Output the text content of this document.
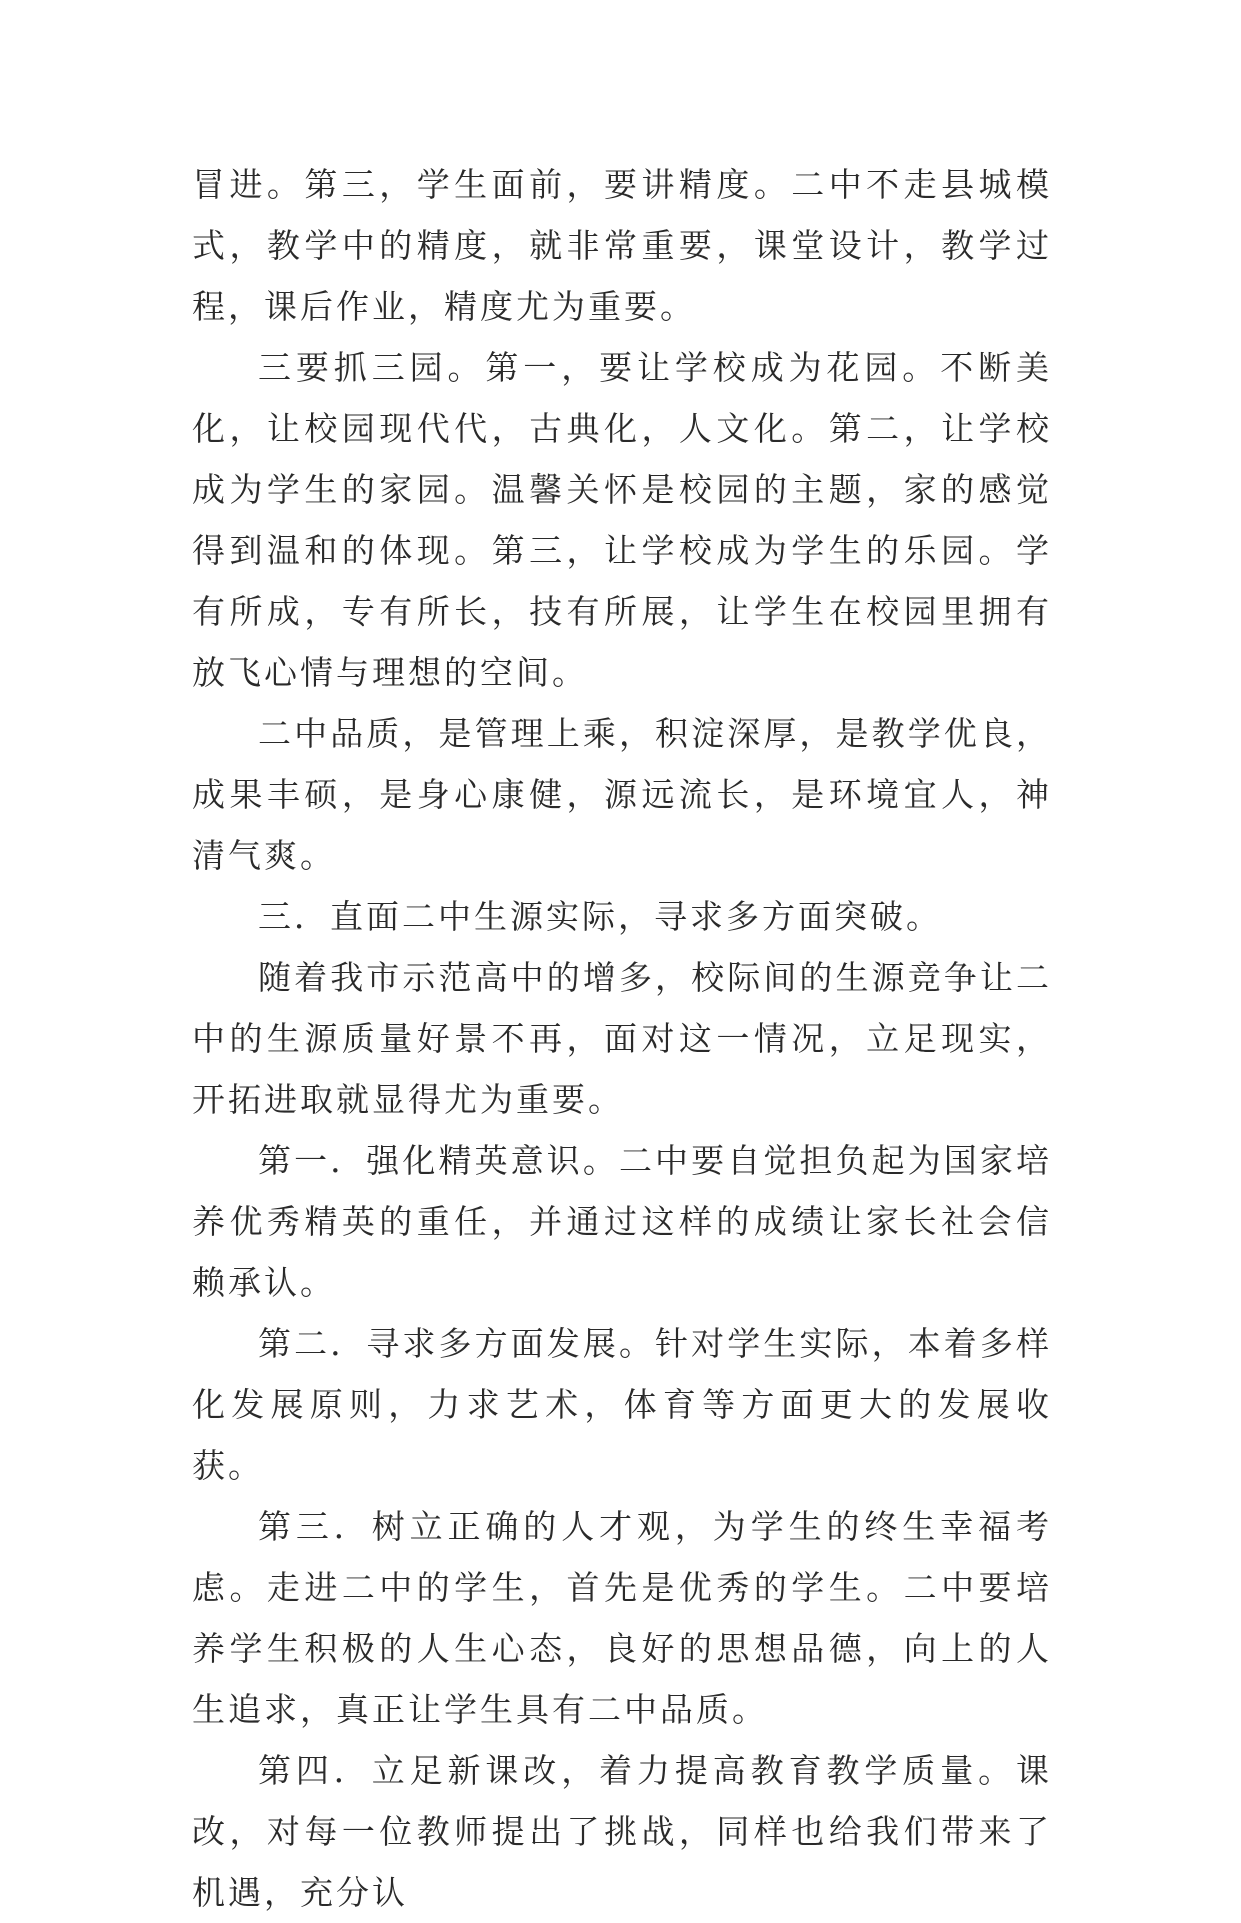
冒进。第三，学生面前，要讲精度。二中不走县城模式，教学中的精度，就非常重要，课堂设计，教学过程，课后作业，精度尤为重要。

三要抓三园。第一，要让学校成为花园。不断美化，让校园现代代，古典化，人文化。第二，让学校成为学生的家园。温馨关怀是校园的主题，家的感觉得到温和的体现。第三，让学校成为学生的乐园。学有所成，专有所长，技有所展，让学生在校园里拥有放飞心情与理想的空间。

二中品质，是管理上乘，积淀深厚，是教学优良，成果丰硕，是身心康健，源远流长，是环境宜人，神清气爽。

三．直面二中生源实际，寻求多方面突破。

随着我市示范高中的增多，校际间的生源竞争让二中的生源质量好景不再，面对这一情况，立足现实，开拓进取就显得尤为重要。

第一．强化精英意识。二中要自觉担负起为国家培养优秀精英的重任，并通过这样的成绩让家长社会信赖承认。

第二．寻求多方面发展。针对学生实际，本着多样化发展原则，力求艺术，体育等方面更大的发展收获。

第三．树立正确的人才观，为学生的终生幸福考虑。走进二中的学生，首先是优秀的学生。二中要培养学生积极的人生心态，良好的思想品德，向上的人生追求，真正让学生具有二中品质。

第四．立足新课改，着力提高教育教学质量。课改，对每一位教师提出了挑战，同样也给我们带来了机遇，充分认
